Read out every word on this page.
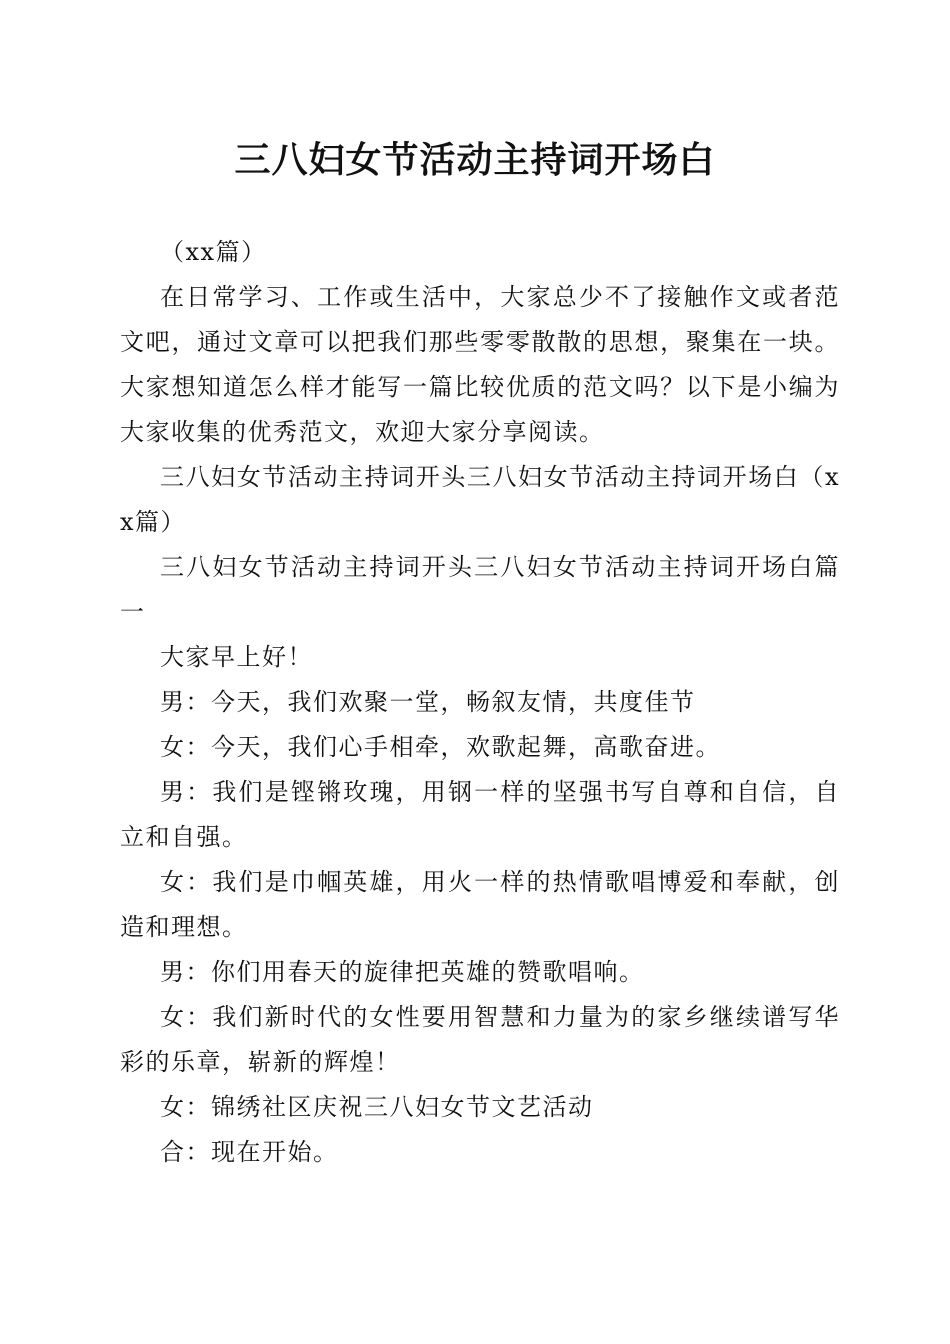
三八妇女节活动主持词开场白

（xx篇）

在日常学习、工作或生活中，大家总少不了接触作文或者范文吧，通过文章可以把我们那些零零散散的思想，聚集在一块。大家想知道怎么样才能写一篇比较优质的范文吗？以下是小编为大家收集的优秀范文，欢迎大家分享阅读。

三八妇女节活动主持词开头三八妇女节活动主持词开场白（xx篇）

三八妇女节活动主持词开头三八妇女节活动主持词开场白篇一

大家早上好！

男：今天，我们欢聚一堂，畅叙友情，共度佳节

女：今天，我们心手相牵，欢歌起舞，高歌奋进。

男：我们是铿锵玫瑰，用钢一样的坚强书写自尊和自信，自立和自强。

女：我们是巾帼英雄，用火一样的热情歌唱博爱和奉献，创造和理想。

男：你们用春天的旋律把英雄的赞歌唱响。

女：我们新时代的女性要用智慧和力量为的家乡继续谱写华彩的乐章，崭新的辉煌！

女：锦绣社区庆祝三八妇女节文艺活动

合：现在开始。
